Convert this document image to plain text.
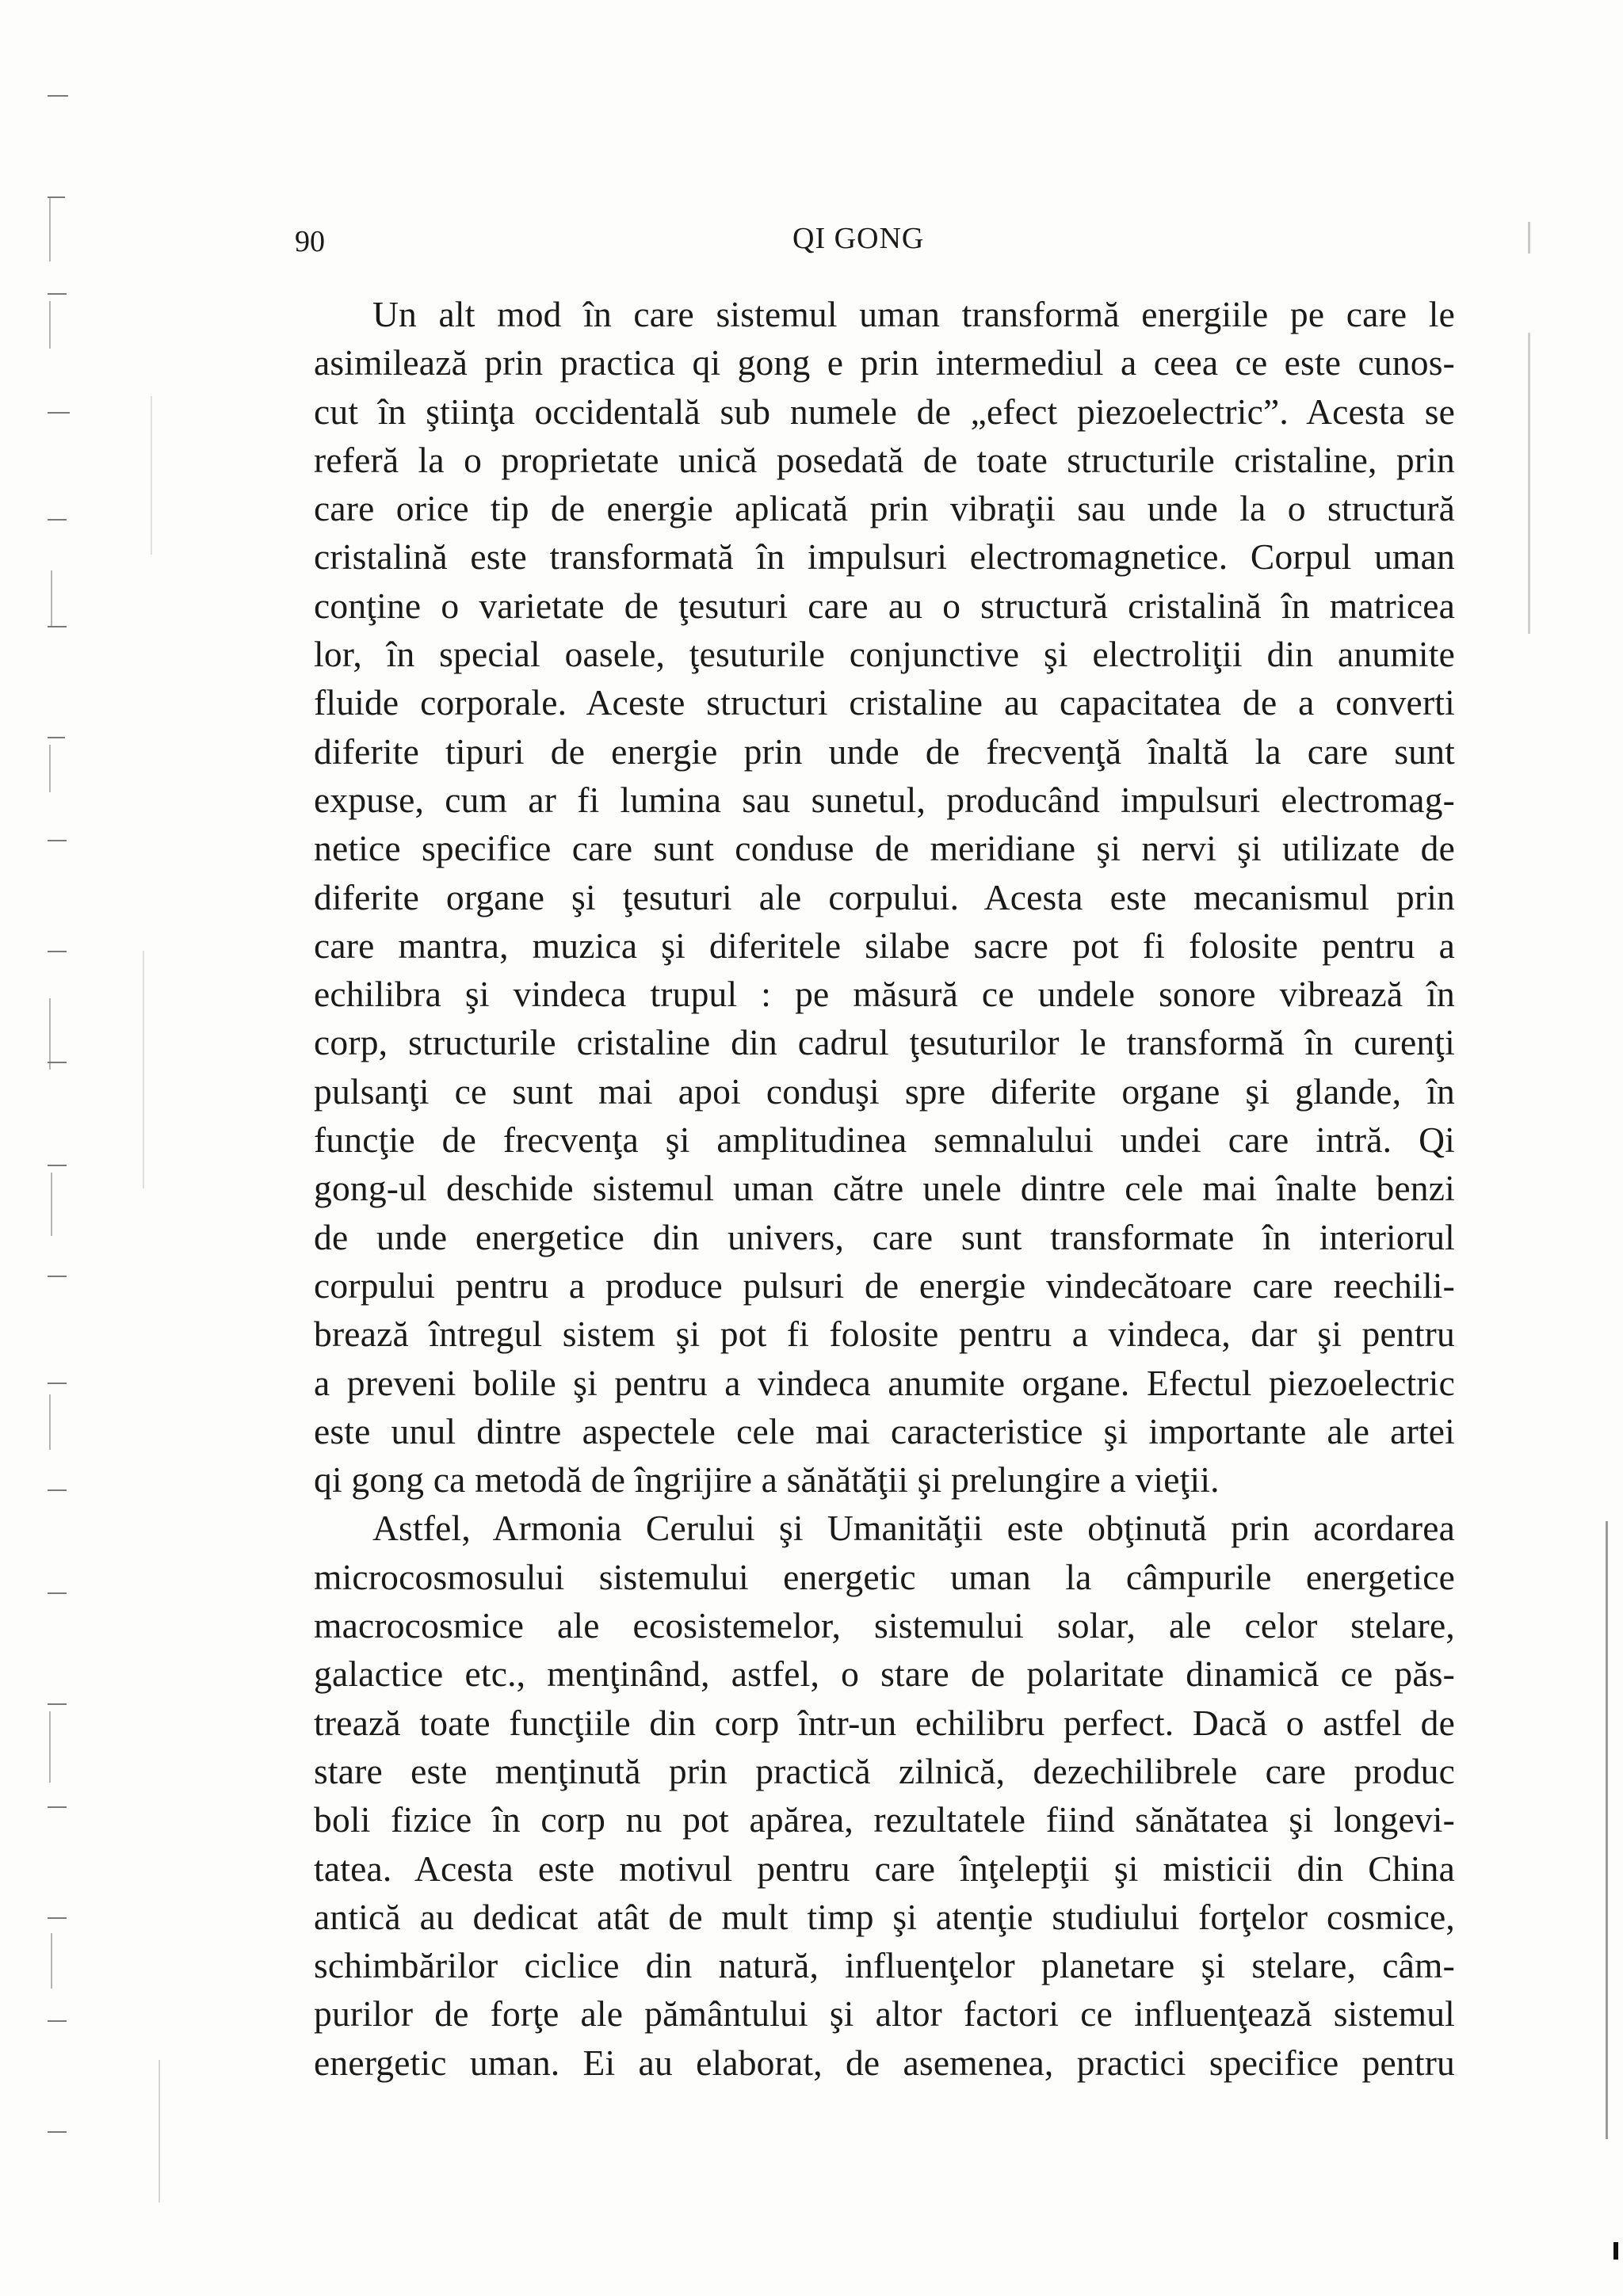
90	QI GONG
Un alt mod în care sistemul uman transformă energiile pe care le
asimilează prin practica qi gong e prin intermediul a ceea ce este cunos-
cut în ştiinţa occidentală sub numele de „efect piezoelectric”. Acesta se
referă la o proprietate unică posedată de toate structurile cristaline, prin
care orice tip de energie aplicată prin vibraţii sau unde la o structură
cristalină este transformată în impulsuri electromagnetice. Corpul uman
conţine o varietate de ţesuturi care au o structură cristalină în matricea
lor, în special oasele, ţesuturile conjunctive şi electroliţii din anumite
fluide corporale. Aceste structuri cristaline au capacitatea de a converti
diferite tipuri de energie prin unde de frecvenţă înaltă la care sunt
expuse, cum ar fi lumina sau sunetul, producând impulsuri electromag-
netice specifice care sunt conduse de meridiane şi nervi şi utilizate de
diferite organe şi ţesuturi ale corpului. Acesta este mecanismul prin
care mantra, muzica şi diferitele silabe sacre pot fi folosite pentru a
echilibra şi vindeca trupul : pe măsură ce undele sonore vibrează în
corp, structurile cristaline din cadrul ţesuturilor le transformă în curenţi
pulsanţi ce sunt mai apoi conduşi spre diferite organe şi glande, în
funcţie de frecvenţa şi amplitudinea semnalului undei care intră. Qi
gong-ul deschide sistemul uman către unele dintre cele mai înalte benzi
de unde energetice din univers, care sunt transformate în interiorul
corpului pentru a produce pulsuri de energie vindecătoare care reechili-
brează întregul sistem şi pot fi folosite pentru a vindeca, dar şi pentru
a preveni bolile şi pentru a vindeca anumite organe. Efectul piezoelectric
este unul dintre aspectele cele mai caracteristice şi importante ale artei
qi gong ca metodă de îngrijire a sănătăţii şi prelungire a vieţii.
Astfel, Armonia Cerului şi Umanităţii este obţinută prin acordarea
microcosmosului sistemului energetic uman la câmpurile energetice
macrocosmice ale ecosistemelor, sistemului solar, ale celor stelare,
galactice etc., menţinând, astfel, o stare de polaritate dinamică ce păs-
trează toate funcţiile din corp într-un echilibru perfect. Dacă o astfel de
stare este menţinută prin practică zilnică, dezechilibrele care produc
boli fizice în corp nu pot apărea, rezultatele fiind sănătatea şi longevi-
tatea. Acesta este motivul pentru care înţelepţii şi misticii din China
antică au dedicat atât de mult timp şi atenţie studiului forţelor cosmice,
schimbărilor ciclice din natură, influenţelor planetare şi stelare, câm-
purilor de forţe ale pământului şi altor factori ce influenţează sistemul
energetic uman. Ei au elaborat, de asemenea, practici specifice pentru
